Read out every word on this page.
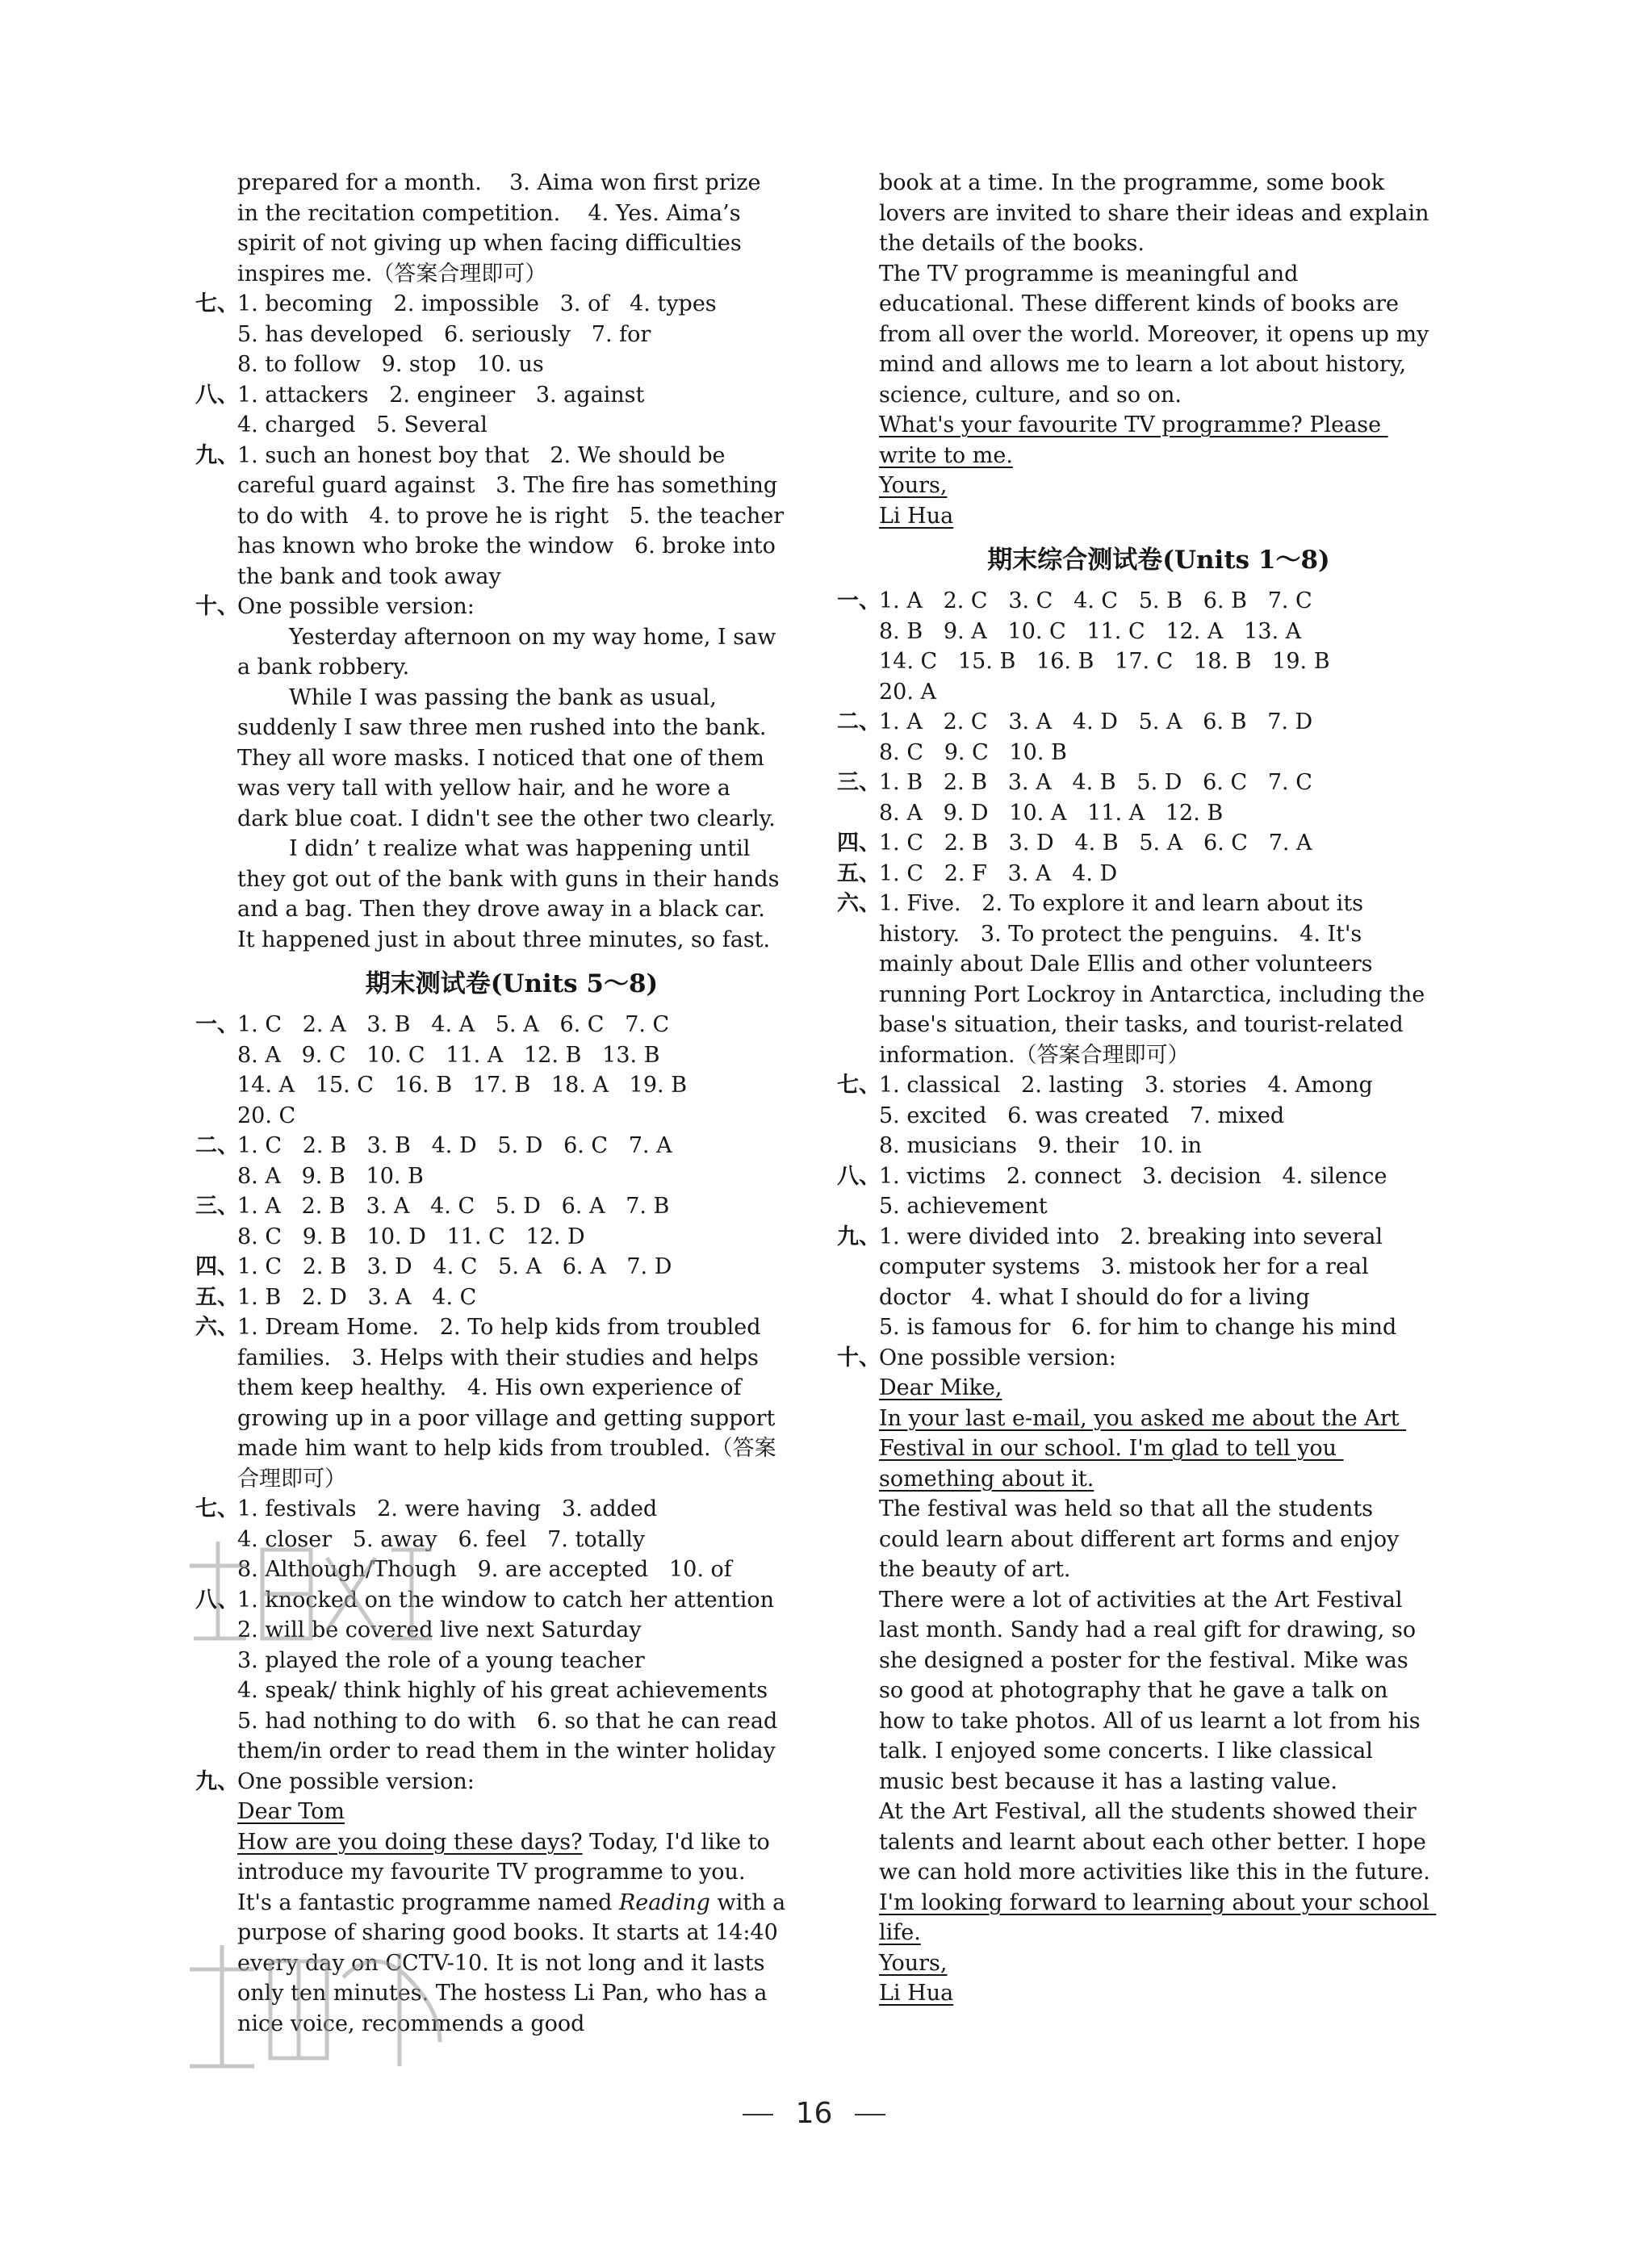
prepared for a month.    3. Aima won first prize in the recitation competition.    4. Yes. Aima’s spirit of not giving up when facing difficulties inspires me.（答案合理即可）
七、
1. becoming   2. impossible   3. of   4. types
5. has developed   6. seriously   7. for
8. to follow   9. stop   10. us
八、
1. attackers   2. engineer   3. against
4. charged   5. Several
九、
1. such an honest boy that   2. We should be careful guard against   3. The fire has something to do with   4. to prove he is right   5. the teacher has known who broke the window   6. broke into the bank and took away
十、
One possible version:
Yesterday afternoon on my way home, I saw a bank robbery.
While I was passing the bank as usual, suddenly I saw three men rushed into the bank. They all wore masks. I noticed that one of them was very tall with yellow hair, and he wore a dark blue coat. I didn't see the other two clearly.
I didn’ t realize what was happening until they got out of the bank with guns in their hands and a bag. Then they drove away in a black car. It happened just in about three minutes, so fast.
期末测试卷(Units 5～8)
一、
1. C   2. A   3. B   4. A   5. A   6. C   7. C
8. A   9. C   10. C   11. A   12. B   13. B
14. A   15. C   16. B   17. B   18. A   19. B
20. C
二、
1. C   2. B   3. B   4. D   5. D   6. C   7. A
8. A   9. B   10. B
三、
1. A   2. B   3. A   4. C   5. D   6. A   7. B
8. C   9. B   10. D   11. C   12. D
四、
1. C   2. B   3. D   4. C   5. A   6. A   7. D
五、
1. B   2. D   3. A   4. C
六、
1. Dream Home.   2. To help kids from troubled families.   3. Helps with their studies and helps them keep healthy.   4. His own experience of growing up in a poor village and getting support made him want to help kids from troubled.（答案合理即可）
七、
1. festivals   2. were having   3. added
4. closer   5. away   6. feel   7. totally
8. Although/Though   9. are accepted   10. of
八、
1. knocked on the window to catch her attention
2. will be covered live next Saturday
3. played the role of a young teacher
4. speak/ think highly of his great achievements
5. had nothing to do with   6. so that he can read them/in order to read them in the winter holiday
九、
One possible version:
Dear Tom
How are you doing these days? Today, I'd like to introduce my favourite TV programme to you. It's a fantastic programme named Reading with a purpose of sharing good books. It starts at 14:40 every day on CCTV-10. It is not long and it lasts only ten minutes. The hostess Li Pan, who has a nice voice, recommends a good
book at a time. In the programme, some book lovers are invited to share their ideas and explain the details of the books.
The TV programme is meaningful and educational. These different kinds of books are from all over the world. Moreover, it opens up my mind and allows me to learn a lot about history, science, culture, and so on.
What's your favourite TV programme? Please write to me.
Yours,
Li Hua
期末综合测试卷(Units 1～8)
一、
1. A   2. C   3. C   4. C   5. B   6. B   7. C
8. B   9. A   10. C   11. C   12. A   13. A
14. C   15. B   16. B   17. C   18. B   19. B
20. A
二、
1. A   2. C   3. A   4. D   5. A   6. B   7. D
8. C   9. C   10. B
三、
1. B   2. B   3. A   4. B   5. D   6. C   7. C
8. A   9. D   10. A   11. A   12. B
四、
1. C   2. B   3. D   4. B   5. A   6. C   7. A
五、
1. C   2. F   3. A   4. D
六、
1. Five.   2. To explore it and learn about its history.   3. To protect the penguins.   4. It's mainly about Dale Ellis and other volunteers running Port Lockroy in Antarctica, including the base's situation, their tasks, and tourist-related information.（答案合理即可）
七、
1. classical   2. lasting   3. stories   4. Among
5. excited   6. was created   7. mixed
8. musicians   9. their   10. in
八、
1. victims   2. connect   3. decision   4. silence
5. achievement
九、
1. were divided into   2. breaking into several computer systems   3. mistook her for a real doctor   4. what I should do for a living
5. is famous for   6. for him to change his mind
十、
One possible version:
Dear Mike,
In your last e-mail, you asked me about the Art Festival in our school. I'm glad to tell you something about it.
The festival was held so that all the students could learn about different art forms and enjoy the beauty of art.
There were a lot of activities at the Art Festival last month. Sandy had a real gift for drawing, so she designed a poster for the festival. Mike was so good at photography that he gave a talk on how to take photos. All of us learnt a lot from his talk. I enjoyed some concerts. I like classical music best because it has a lasting value.
At the Art Festival, all the students showed their talents and learnt about each other better. I hope we can hold more activities like this in the future.
I'm looking forward to learning about your school life.
Yours,
Li Hua
16
